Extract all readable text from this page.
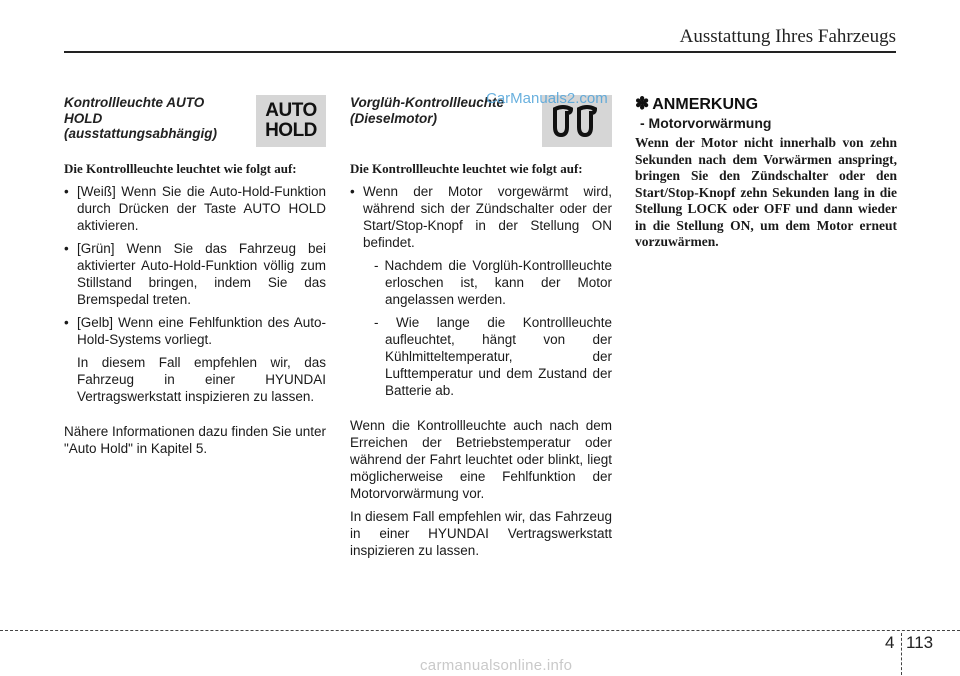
Ausstattung Ihres Fahrzeugs
Kontrollleuchte AUTO HOLD (ausstattungsabhängig)
AUTO
HOLD
Die Kontrollleuchte leuchtet wie folgt auf:
• [Weiß] Wenn Sie die Auto-Hold-Funktion durch Drücken der Taste AUTO HOLD aktivieren.
• [Grün] Wenn Sie das Fahrzeug bei aktivierter Auto-Hold-Funktion völlig zum Stillstand bringen, indem Sie das Bremspedal treten.
• [Gelb] Wenn eine Fehlfunktion des Auto-Hold-Systems vorliegt.
In diesem Fall empfehlen wir, das Fahrzeug in einer HYUNDAI Vertragswerkstatt inspizieren zu lassen.
Nähere Informationen dazu finden Sie unter "Auto Hold" in Kapitel 5.
Vorglüh-Kontrollleuchte (Dieselmotor)
Die Kontrollleuchte leuchtet wie folgt auf:
• Wenn der Motor vorgewärmt wird, während sich der Zündschalter oder der Start/Stop-Knopf in der Stellung ON befindet.
- Nachdem die Vorglüh-Kontrollleuchte erloschen ist, kann der Motor angelassen werden.
- Wie lange die Kontrollleuchte aufleuchtet, hängt von der Kühlmitteltemperatur, der Lufttemperatur und dem Zustand der Batterie ab.
Wenn die Kontrollleuchte auch nach dem Erreichen der Betriebstemperatur oder während der Fahrt leuchtet oder blinkt, liegt möglicherweise eine Fehlfunktion der Motorvorwärmung vor.
In diesem Fall empfehlen wir, das Fahrzeug in einer HYUNDAI Vertragswerkstatt inspizieren zu lassen.
✽ ANMERKUNG
- Motorvorwärmung
Wenn der Motor nicht innerhalb von zehn Sekunden nach dem Vorwärmen anspringt, bringen Sie den Zündschalter oder den Start/Stop-Knopf zehn Sekunden lang in die Stellung LOCK oder OFF und dann wieder in die Stellung ON, um dem Motor erneut vorzuwärmen.
CarManuals2.com
4 113
carmanualsonline.info
